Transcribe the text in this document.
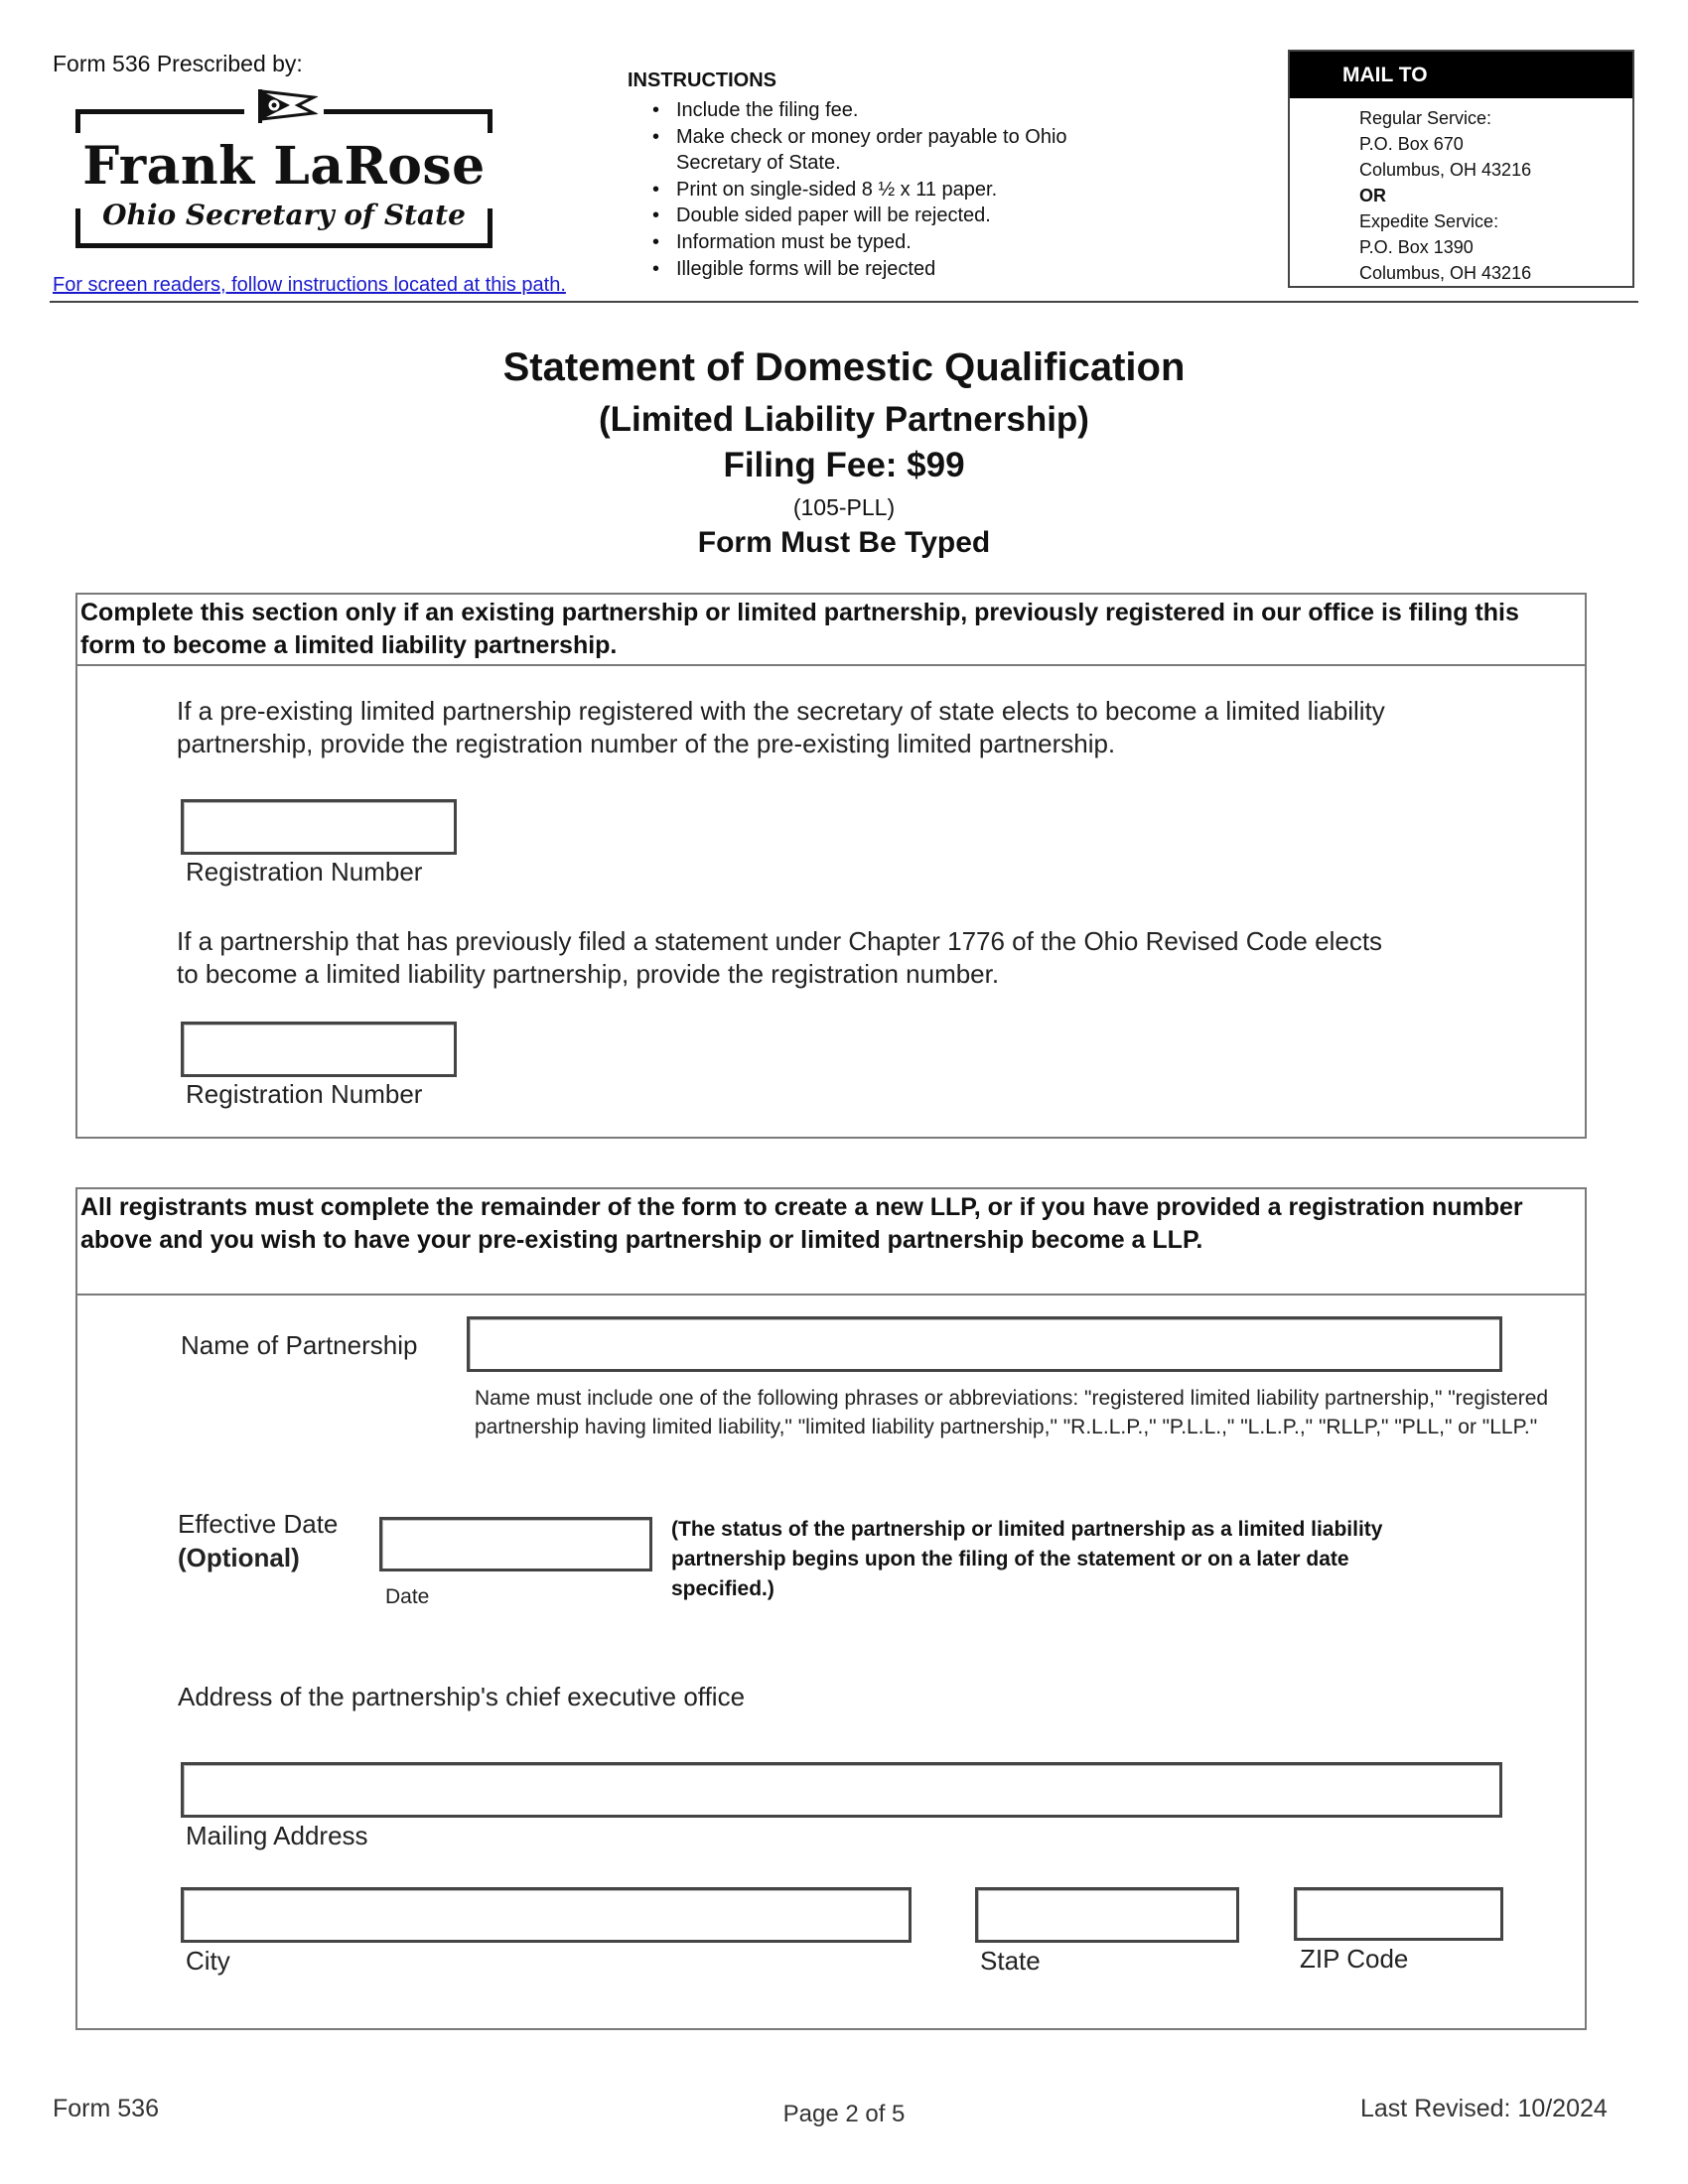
Form 536 Prescribed by:
Frank LaRose
Ohio Secretary of State
For screen readers, follow instructions located at this path.
INSTRUCTIONS
• Include the filing fee.
• Make check or money order payable to Ohio Secretary of State.
• Print on single-sided 8 ½ x 11 paper.
• Double sided paper will be rejected.
• Information must be typed.
• Illegible forms will be rejected
MAIL TO
Regular Service:
P.O. Box 670
Columbus, OH 43216
OR
Expedite Service:
P.O. Box 1390
Columbus, OH 43216
Statement of Domestic Qualification
(Limited Liability Partnership)
Filing Fee: $99
(105-PLL)
Form Must Be Typed
Complete this section only if an existing partnership or limited partnership, previously registered in our office is filing this form to become a limited liability partnership.
If a pre-existing limited partnership registered with the secretary of state elects to become a limited liability partnership, provide the registration number of the pre-existing limited partnership.
Registration Number
If a partnership that has previously filed a statement under Chapter 1776 of the Ohio Revised Code elects to become a limited liability partnership, provide the registration number.
Registration Number
All registrants must complete the remainder of the form to create a new LLP, or if you have provided a registration number above and you wish to have your pre-existing partnership or limited partnership become a LLP.
Name of Partnership
Name must include one of the following phrases or abbreviations: "registered limited liability partnership," "registered partnership having limited liability," "limited liability partnership," "R.L.L.P.," "P.L.L.," "L.L.P.," "RLLP," "PLL," or "LLP."
Effective Date
(Optional)
Date
(The status of the partnership or limited partnership as a limited liability partnership begins upon the filing of the statement or on a later date specified.)
Address of the partnership's chief executive office
Mailing Address
City	State	ZIP Code
Form 536	Page 2 of 5	Last Revised: 10/2024
